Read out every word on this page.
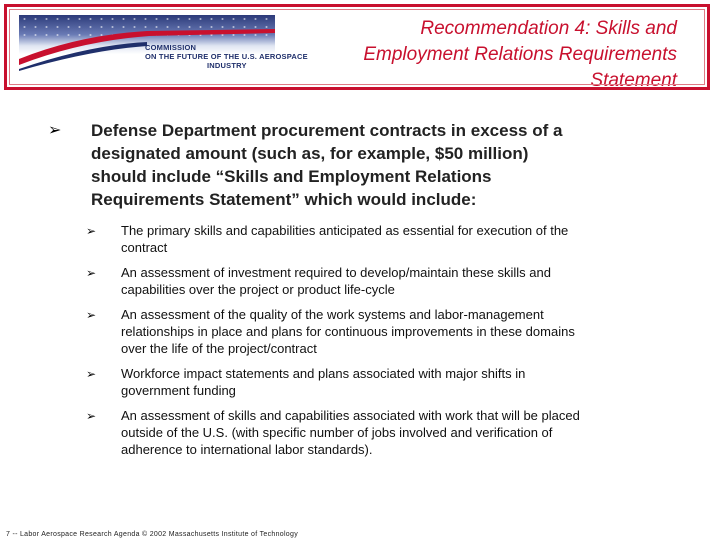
COMMISSION
ON THE FUTURE OF THE U.S. AEROSPACE
INDUSTRY
Recommendation 4: Skills and
Employment Relations Requirements
Statement
➢ Defense Department procurement contracts in excess of a
designated amount (such as, for example, $50 million)
should include “Skills and Employment Relations
Requirements Statement” which would include:
➢ The primary skills and capabilities anticipated as essential for execution of the
contract
➢ An assessment of investment required to develop/maintain these skills and
capabilities over the project or product life-cycle
➢ An assessment of the quality of the work systems and labor-management
relationships in place and plans for continuous improvements in these domains
over the life of the project/contract
➢ Workforce impact statements and plans associated with major shifts in
government funding
➢ An assessment of skills and capabilities associated with work that will be placed
outside of the U.S. (with specific number of jobs involved and verification of
adherence to international labor standards).
7 -- Labor Aerospace Research Agenda © 2002 Massachusetts Institute of Technology
